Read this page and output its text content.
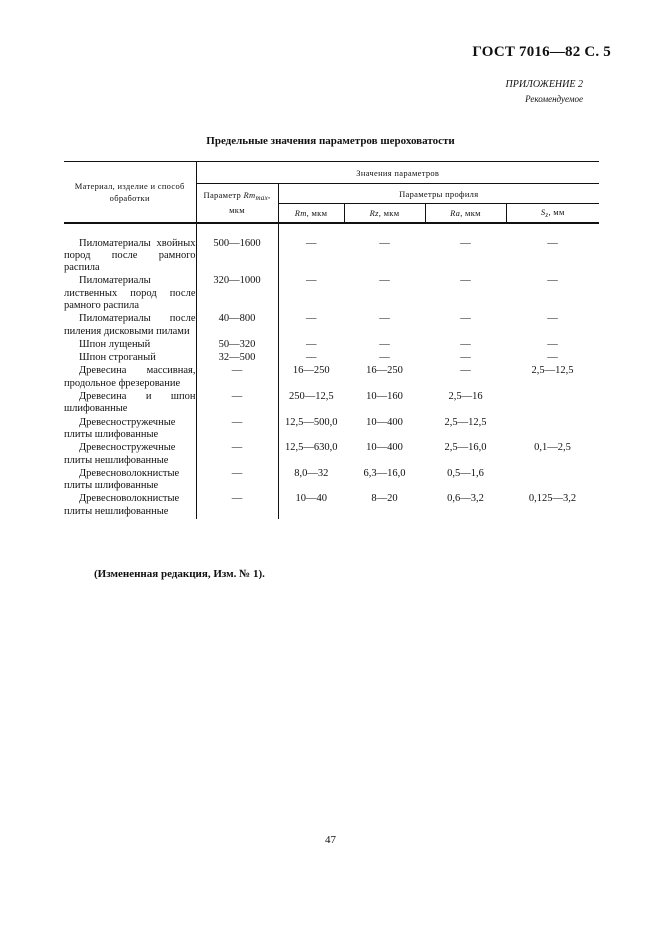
ГОСТ 7016—82 С. 5
ПРИЛОЖЕНИЕ 2
Рекомендуемое
Предельные значения параметров шероховатости
Материал, изделие и способ обработки	Значения параметров				
	Параметр $Rm_{max}$, мкм	Параметры профиля			
		Rm, мкм	Rz, мкм	Ra, мкм	$S_z$, мм

Пиломатериалы хвойных пород после рамного распила	500—1600	—	—	—	—
Пиломатериалы лиственных пород после рамного распила	320—1000	—	—	—	—
Пиломатериалы после пиления дисковыми пилами	40—800	—	—	—	—
Шпон лущеный	50—320	—	—	—	—
Шпон строганый	32—500	—	—	—	—
Древесина массивная, продольное фрезерование	—	16—250	16—250	—	2,5—12,5
Древесина и шпон шлифованные	—	250—12,5	10—160	2,5—16	
Древесностружечные плиты шлифованные	—	12,5—500,0	10—400	2,5—12,5	
Древесностружечные плиты нешлифованные	—	12,5—630,0	10—400	2,5—16,0	0,1—2,5
Древесноволокнистые плиты шлифованные	—	8,0—32	6,3—16,0	0,5—1,6	
Древесноволокнистые плиты нешлифованные	—	10—40	8—20	0,6—3,2	0,125—3,2
(Измененная редакция, Изм. № 1).
47
